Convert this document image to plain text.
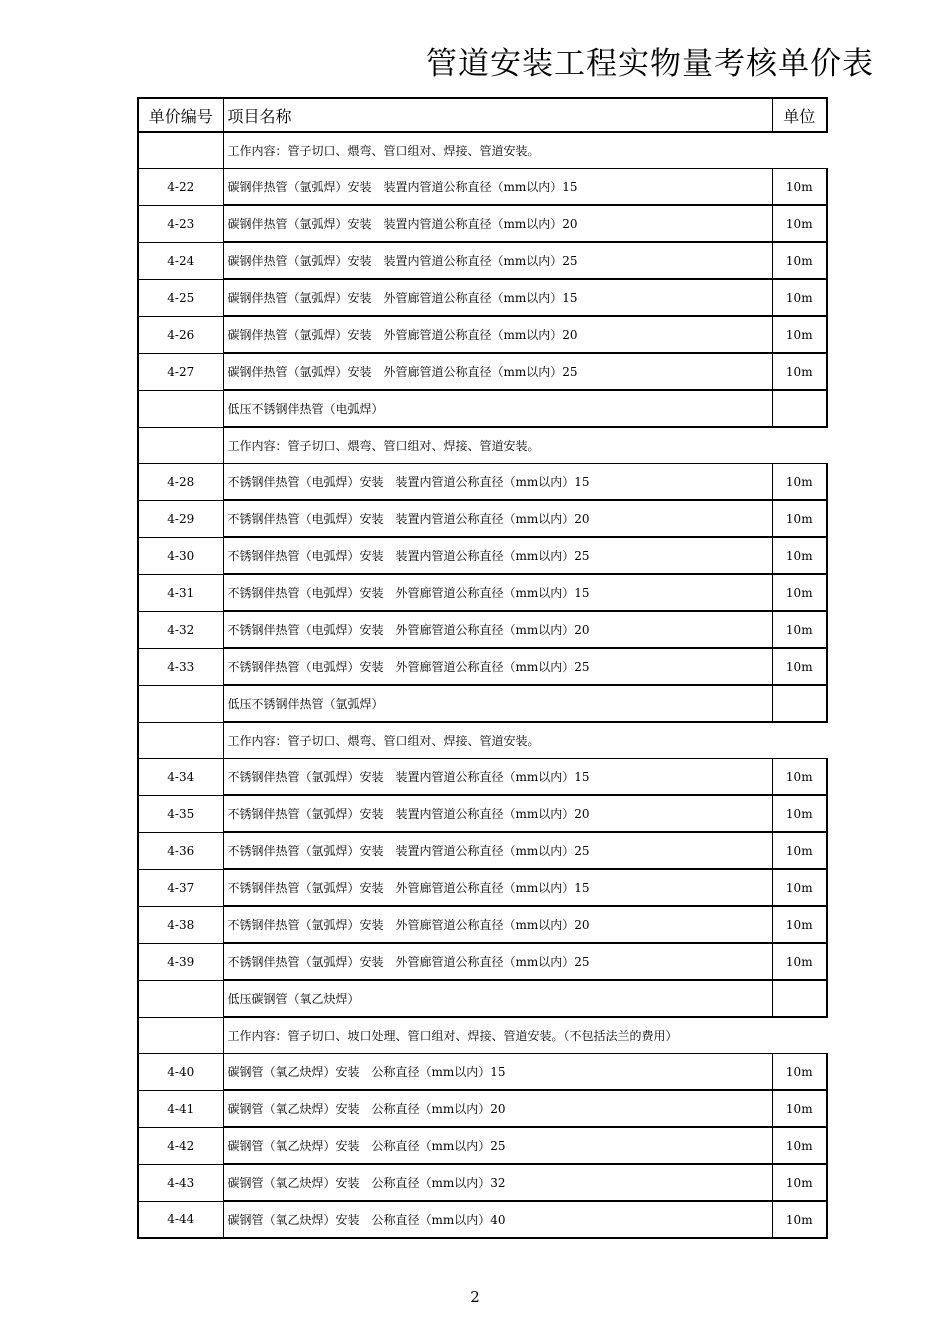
管道安装工程实物量考核单价表
单价编号	项目名称	单位
	工作内容：管子切口、煨弯、管口组对、焊接、管道安装。	
4-22	碳钢伴热管（氩弧焊）安装　装置内管道公称直径（mm以内）15	10m
4-23	碳钢伴热管（氩弧焊）安装　装置内管道公称直径（mm以内）20	10m
4-24	碳钢伴热管（氩弧焊）安装　装置内管道公称直径（mm以内）25	10m
4-25	碳钢伴热管（氩弧焊）安装　外管廊管道公称直径（mm以内）15	10m
4-26	碳钢伴热管（氩弧焊）安装　外管廊管道公称直径（mm以内）20	10m
4-27	碳钢伴热管（氩弧焊）安装　外管廊管道公称直径（mm以内）25	10m
	低压不锈钢伴热管（电弧焊）	
	工作内容：管子切口、煨弯、管口组对、焊接、管道安装。	
4-28	不锈钢伴热管（电弧焊）安装　装置内管道公称直径（mm以内）15	10m
4-29	不锈钢伴热管（电弧焊）安装　装置内管道公称直径（mm以内）20	10m
4-30	不锈钢伴热管（电弧焊）安装　装置内管道公称直径（mm以内）25	10m
4-31	不锈钢伴热管（电弧焊）安装　外管廊管道公称直径（mm以内）15	10m
4-32	不锈钢伴热管（电弧焊）安装　外管廊管道公称直径（mm以内）20	10m
4-33	不锈钢伴热管（电弧焊）安装　外管廊管道公称直径（mm以内）25	10m
	低压不锈钢伴热管（氩弧焊）	
	工作内容：管子切口、煨弯、管口组对、焊接、管道安装。	
4-34	不锈钢伴热管（氩弧焊）安装　装置内管道公称直径（mm以内）15	10m
4-35	不锈钢伴热管（氩弧焊）安装　装置内管道公称直径（mm以内）20	10m
4-36	不锈钢伴热管（氩弧焊）安装　装置内管道公称直径（mm以内）25	10m
4-37	不锈钢伴热管（氩弧焊）安装　外管廊管道公称直径（mm以内）15	10m
4-38	不锈钢伴热管（氩弧焊）安装　外管廊管道公称直径（mm以内）20	10m
4-39	不锈钢伴热管（氩弧焊）安装　外管廊管道公称直径（mm以内）25	10m
	低压碳钢管（氧乙炔焊）	
	工作内容：管子切口、坡口处理、管口组对、焊接、管道安装。（不包括法兰的费用）	
4-40	碳钢管（氧乙炔焊）安装　公称直径（mm以内）15	10m
4-41	碳钢管（氧乙炔焊）安装　公称直径（mm以内）20	10m
4-42	碳钢管（氧乙炔焊）安装　公称直径（mm以内）25	10m
4-43	碳钢管（氧乙炔焊）安装　公称直径（mm以内）32	10m
4-44	碳钢管（氧乙炔焊）安装　公称直径（mm以内）40	10m
2
